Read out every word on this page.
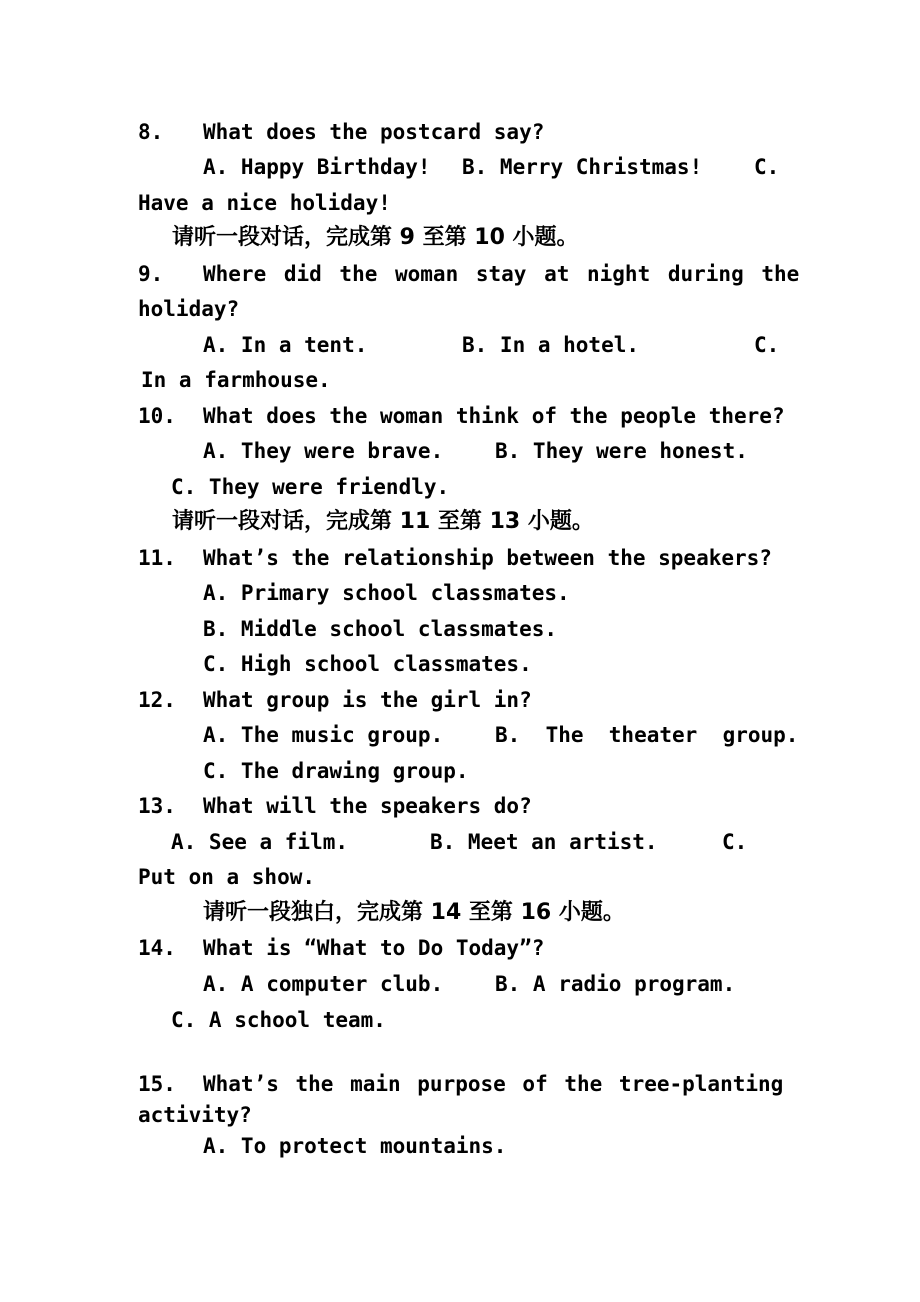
8. What does the postcard say?
A. Happy Birthday! B. Merry Christmas! C.
Have a nice holiday!
请听一段对话，完成第 9 至第 10 小题。
9. Where did the woman stay at night during the
holiday?
A. In a tent.	B. In a hotel.	C.
In a farmhouse.
10. What does the woman think of the people there?
A. They were brave. B. They were honest.
C. They were friendly.
请听一段对话，完成第 11 至第 13 小题。
11. What’s the relationship between the speakers?
A. Primary school classmates.
B. Middle school classmates.
C. High school classmates.
12. What group is the girl in?
A. The music group. B.  The  theater  group.
C. The drawing group.
13. What will the speakers do?
A. See a film.	B. Meet an artist.	C.
Put on a show.
请听一段独白，完成第 14 至第 16 小题。
14. What is “What to Do Today”?
A. A computer club. B. A radio program.
C. A school team.
15. What’s the main purpose of the tree-planting
activity?
A. To protect mountains.
